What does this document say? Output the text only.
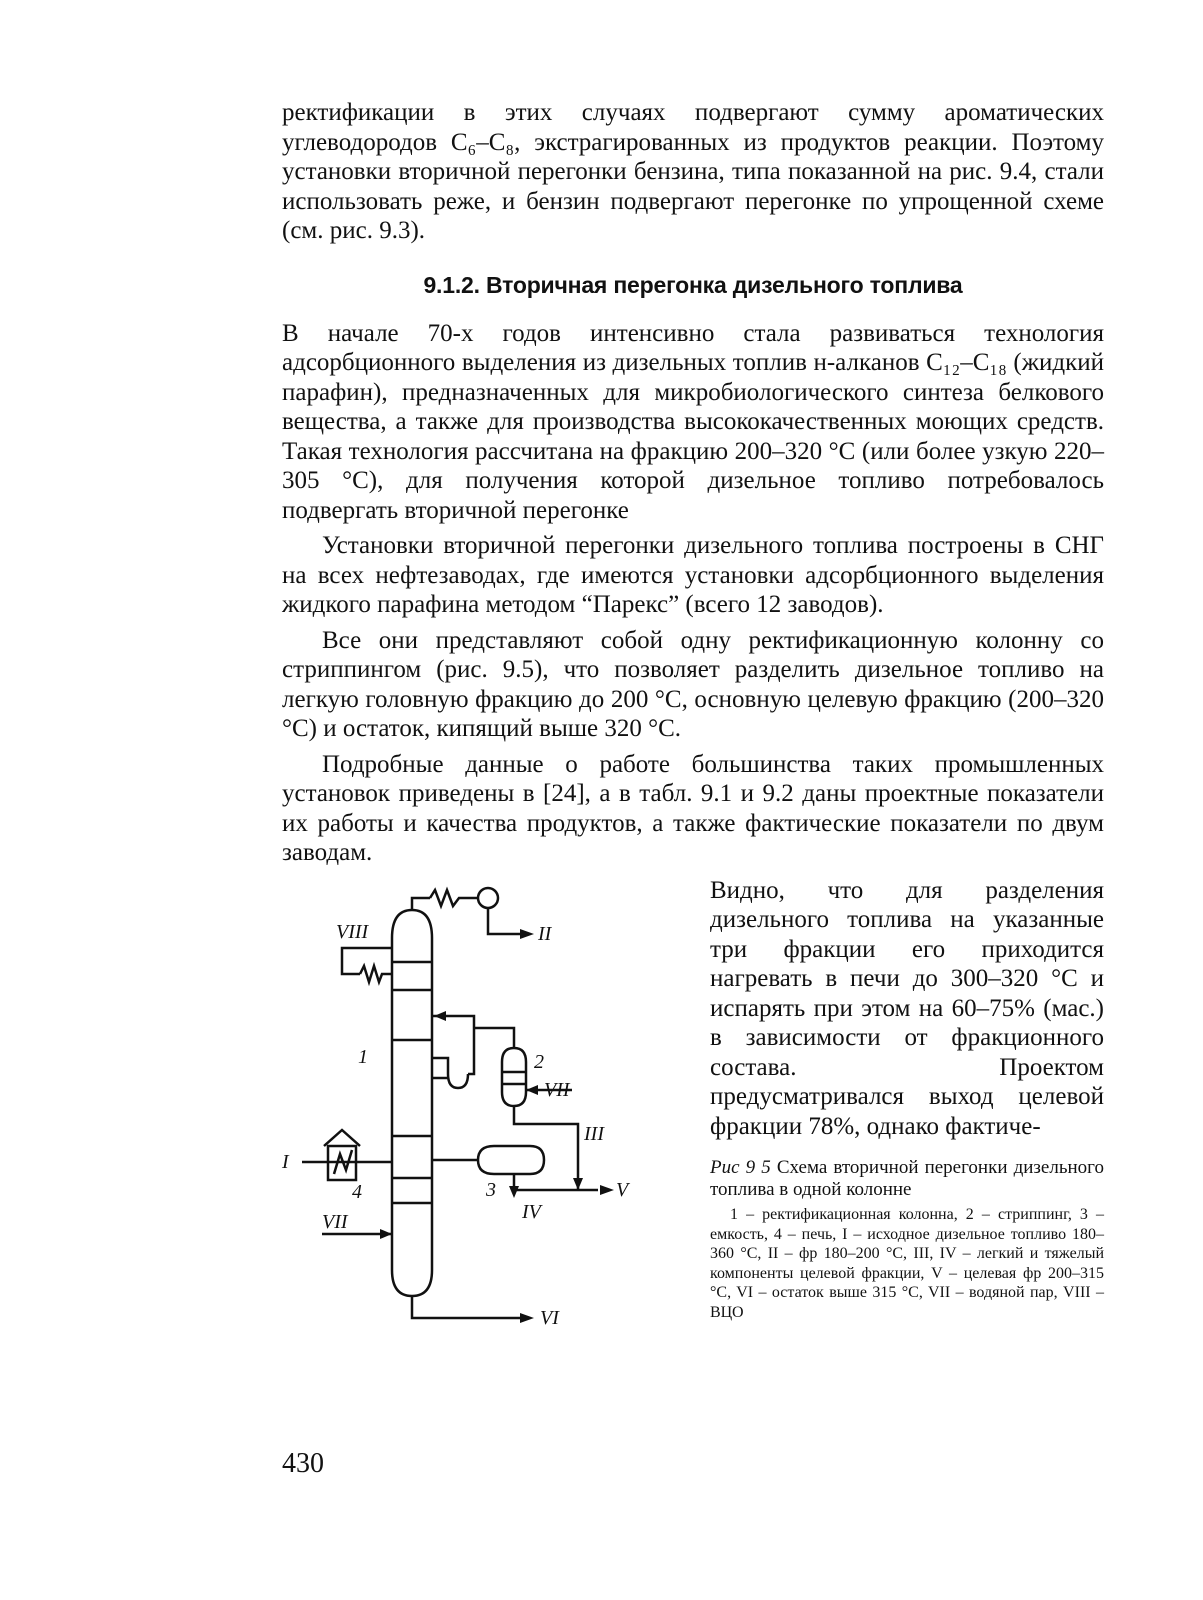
ректификации в этих случаях подвергают сумму ароматических углеводородов C₆–C₈, экстрагированных из продуктов реакции. Поэтому установки вторичной перегонки бензина, типа показанной на рис. 9.4, стали использовать реже, и бензин подвергают перегонке по упрощенной схеме (см. рис. 9.3).

9.1.2. Вторичная перегонка дизельного топлива

В начале 70-х годов интенсивно стала развиваться технология адсорбционного выделения из дизельных топлив н-алканов C₁₂–C₁₈ (жидкий парафин), предназначенных для микробиологического синтеза белкового вещества, а также для производства высококачественных моющих средств. Такая технология рассчитана на фракцию 200–320 °C (или более узкую 220–305 °C), для получения которой дизельное топливо потребовалось подвергать вторичной перегонке

Установки вторичной перегонки дизельного топлива построены в СНГ на всех нефтезаводах, где имеются установки адсорбционного выделения жидкого парафина методом “Парекс” (всего 12 заводов).

Все они представляют собой одну ректификационную колонну со стриппингом (рис. 9.5), что позволяет разделить дизельное топливо на легкую головную фракцию до 200 °C, основную целевую фракцию (200–320 °C) и остаток, кипящий выше 320 °C.

Подробные данные о работе большинства таких промышленных установок приведены в [24], а в табл. 9.1 и 9.2 даны проектные показатели их работы и качества продуктов, а также фактические показатели по двум заводам.

II
VIII
1	2
VII
III
3
I
4
IV
V
VII
VI

Видно, что для разделения дизельного топлива на указанные три фракции его приходится нагревать в печи до 300–320 °C и испарять при этом на 60–75% (мас.) в зависимости от фракционного состава. Проектом предусматривался выход целевой фракции 78%, однако фактиче-

Рис 9 5 Схема вторичной перегонки дизельного топлива в одной колонне
1 – ректификационная колонна, 2 – стриппинг, 3 – емкость, 4 – печь, I – исходное дизельное топливо 180–360 °C, II – фр 180–200 °C, III, IV – легкий и тяжелый компоненты целевой фракции, V – целевая фр 200–315 °C, VI – остаток выше 315 °C, VII – водяной пар, VIII – ВЦО
430
